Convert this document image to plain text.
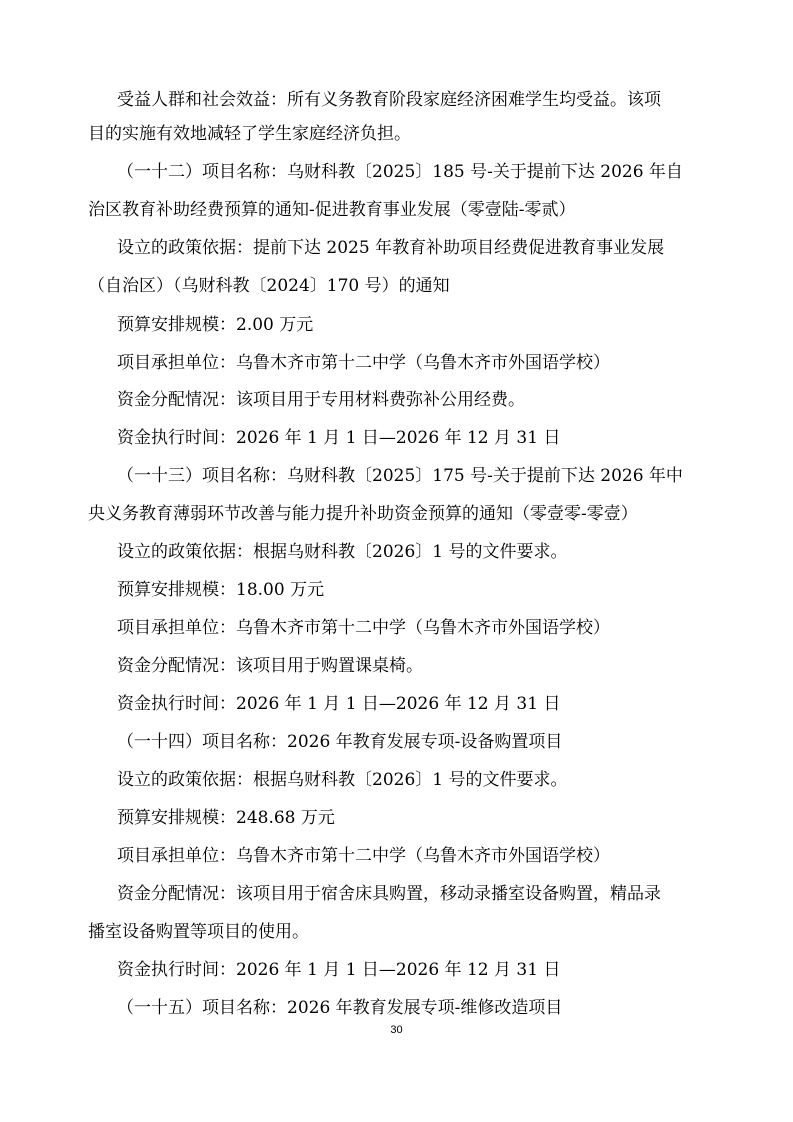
受益人群和社会效益：所有义务教育阶段家庭经济困难学生均受益。该项
目的实施有效地减轻了学生家庭经济负担。
（一十二）项目名称：乌财科教〔2025〕185 号-关于提前下达 2026 年自
治区教育补助经费预算的通知-促进教育事业发展（零壹陆-零贰）
设立的政策依据：提前下达 2025 年教育补助项目经费促进教育事业发展
（自治区）（乌财科教〔2024〕170 号）的通知
预算安排规模：2.00 万元
项目承担单位：乌鲁木齐市第十二中学（乌鲁木齐市外国语学校）
资金分配情况：该项目用于专用材料费弥补公用经费。
资金执行时间：2026 年 1 月 1 日—2026 年 12 月 31 日
（一十三）项目名称：乌财科教〔2025〕175 号-关于提前下达 2026 年中
央义务教育薄弱环节改善与能力提升补助资金预算的通知（零壹零-零壹）
设立的政策依据：根据乌财科教〔2026〕1 号的文件要求。
预算安排规模：18.00 万元
项目承担单位：乌鲁木齐市第十二中学（乌鲁木齐市外国语学校）
资金分配情况：该项目用于购置课桌椅。
资金执行时间：2026 年 1 月 1 日—2026 年 12 月 31 日
（一十四）项目名称：2026 年教育发展专项-设备购置项目
设立的政策依据：根据乌财科教〔2026〕1 号的文件要求。
预算安排规模：248.68 万元
项目承担单位：乌鲁木齐市第十二中学（乌鲁木齐市外国语学校）
资金分配情况：该项目用于宿舍床具购置，移动录播室设备购置，精品录
播室设备购置等项目的使用。
资金执行时间：2026 年 1 月 1 日—2026 年 12 月 31 日
（一十五）项目名称：2026 年教育发展专项-维修改造项目
30
